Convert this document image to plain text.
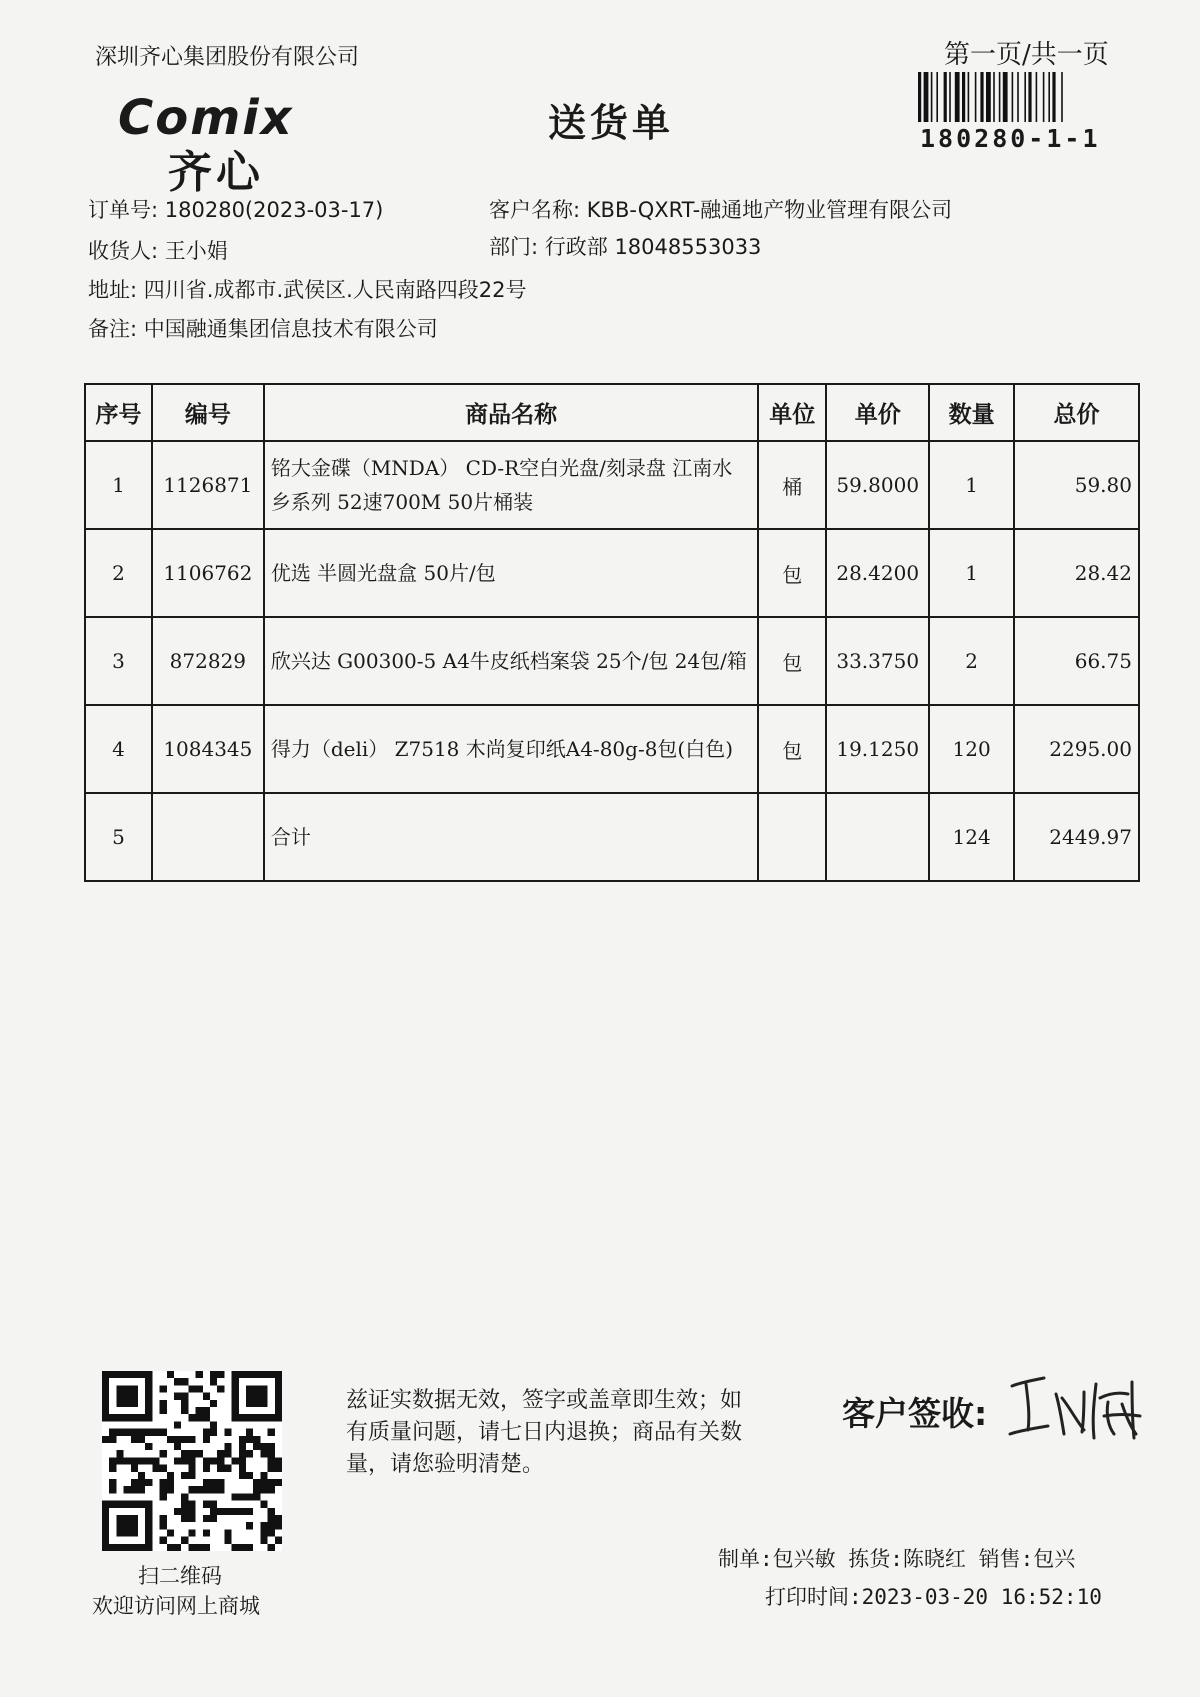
深圳齐心集团股份有限公司	第一页/共一页
180280-1-1
Comix
齐心
送货单
订单号: 180280(2023-03-17)	客户名称: KBB-QXRT-融通地产物业管理有限公司
收货人: 王小娟	部门: 行政部 18048553033
地址: 四川省.成都市.武侯区.人民南路四段22号
备注: 中国融通集团信息技术有限公司
序号	编号	商品名称	单位	单价	数量	总价
1	1126871	铭大金碟（MNDA） CD-R空白光盘/刻录盘 江南水乡系列 52速700M 50片桶装	桶	59.8000	1	59.80
2	1106762	优选 半圆光盘盒 50片/包	包	28.4200	1	28.42
3	872829	欣兴达 G00300-5 A4牛皮纸档案袋 25个/包 24包/箱	包	33.3750	2	66.75
4	1084345	得力（deli） Z7518 木尚复印纸A4-80g-8包(白色)	包	19.1250	120	2295.00
5		合计			124	2449.97
扫二维码
欢迎访问网上商城
兹证实数据无效，签字或盖章即生效；如有质量问题，请七日内退换；商品有关数量，请您验明清楚。
客户签收:
制单:包兴敏 拣货:陈晓红 销售:包兴
打印时间:2023-03-20 16:52:10
